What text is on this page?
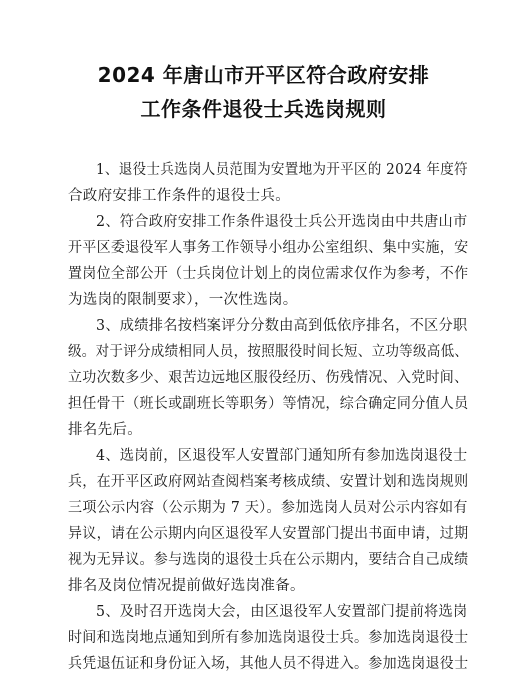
2024 年唐山市开平区符合政府安排
工作条件退役士兵选岗规则

1、退役士兵选岗人员范围为安置地为开平区的 2024 年度符

合政府安排工作条件的退役士兵。

2、符合政府安排工作条件退役士兵公开选岗由中共唐山市

开平区委退役军人事务工作领导小组办公室组织、集中实施，安

置岗位全部公开（士兵岗位计划上的岗位需求仅作为参考，不作

为选岗的限制要求），一次性选岗。

3、成绩排名按档案评分分数由高到低依序排名，不区分职

级。对于评分成绩相同人员，按照服役时间长短、立功等级高低、

立功次数多少、艰苦边远地区服役经历、伤残情况、入党时间、

担任骨干（班长或副班长等职务）等情况，综合确定同分值人员

排名先后。

4、选岗前，区退役军人安置部门通知所有参加选岗退役士

兵，在开平区政府网站查阅档案考核成绩、安置计划和选岗规则

三项公示内容（公示期为 7 天）。参加选岗人员对公示内容如有

异议，请在公示期内向区退役军人安置部门提出书面申请，过期

视为无异议。参与选岗的退役士兵在公示期内，要结合自己成绩

排名及岗位情况提前做好选岗准备。

5、及时召开选岗大会，由区退役军人安置部门提前将选岗

时间和选岗地点通知到所有参加选岗退役士兵。参加选岗退役士

兵凭退伍证和身份证入场，其他人员不得进入。参加选岗退役士
